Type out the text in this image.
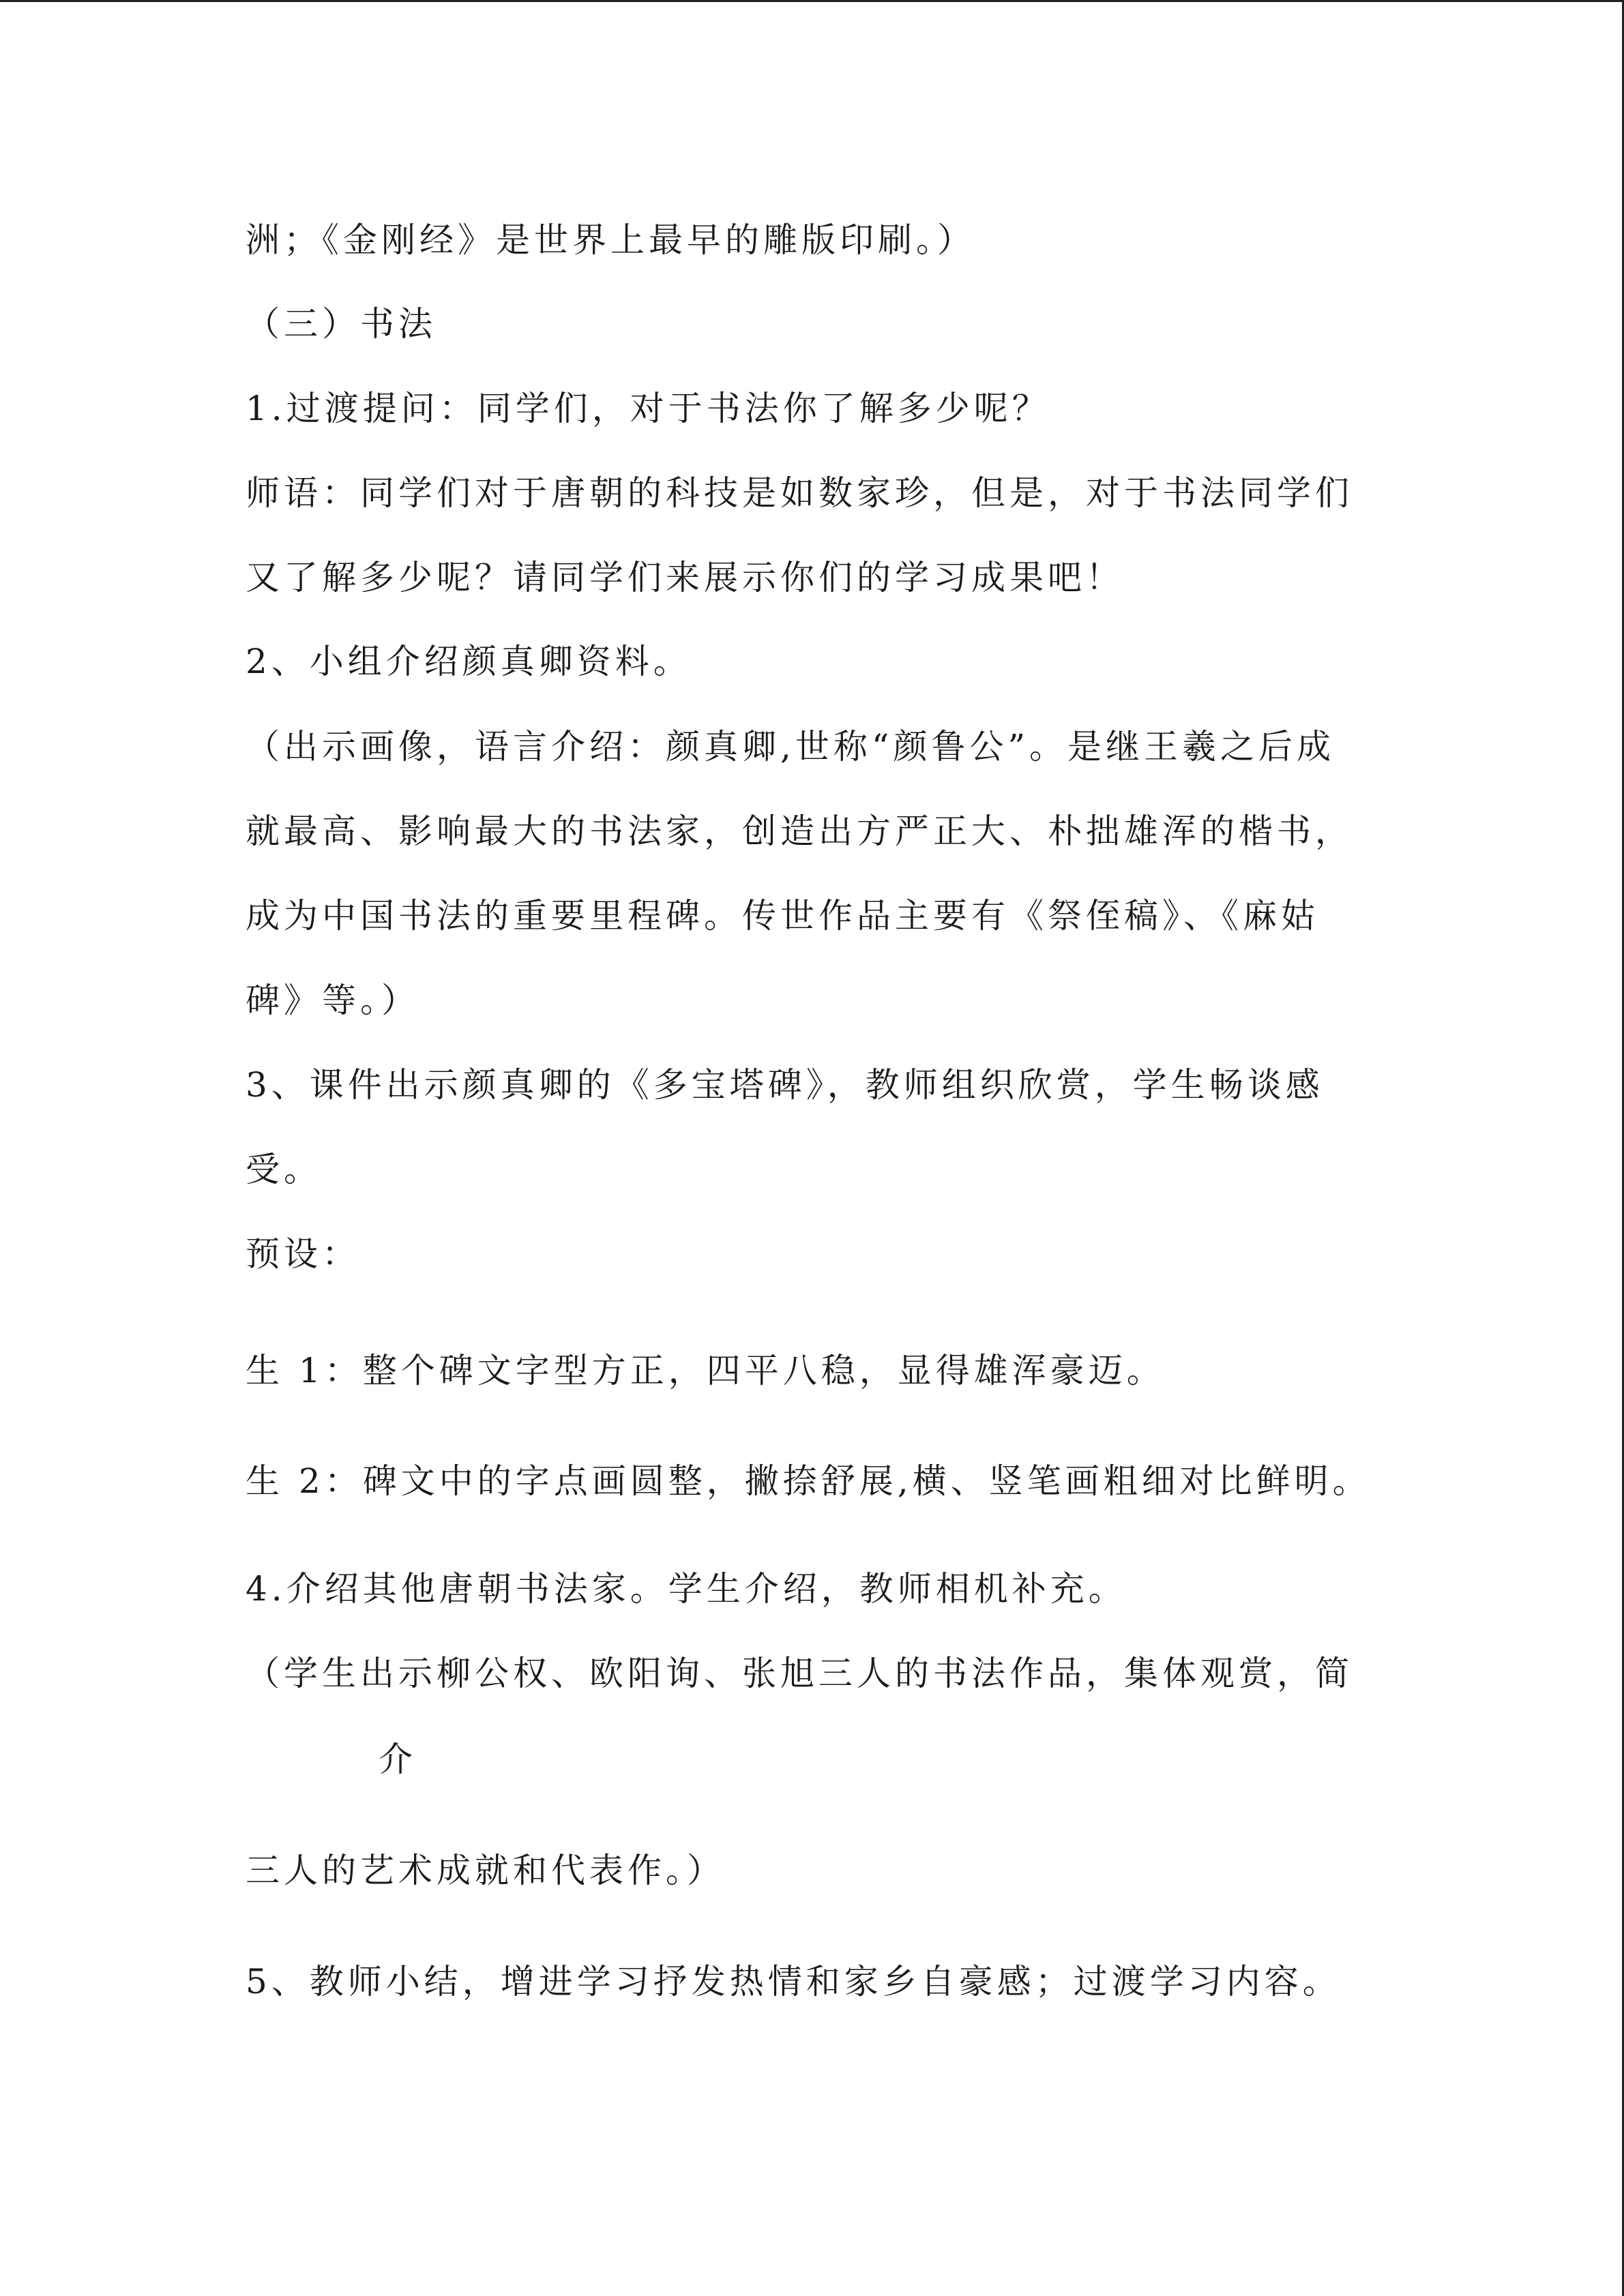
洲；《金刚经》是世界上最早的雕版印刷。）

（三）书法

1.过渡提问：同学们，对于书法你了解多少呢？

师语：同学们对于唐朝的科技是如数家珍，但是，对于书法同学们

又了解多少呢？请同学们来展示你们的学习成果吧！

2、小组介绍颜真卿资料。

（出示画像，语言介绍：颜真卿,世称“颜鲁公”。是继王羲之后成

就最高、影响最大的书法家，创造出方严正大、朴拙雄浑的楷书，

成为中国书法的重要里程碑。传世作品主要有《祭侄稿》、《麻姑

碑》等。）

3、课件出示颜真卿的《多宝塔碑》，教师组织欣赏，学生畅谈感

受。

预设：

生 1：整个碑文字型方正，四平八稳，显得雄浑豪迈。

生 2：碑文中的字点画圆整，撇捺舒展,横、竖笔画粗细对比鲜明。

4.介绍其他唐朝书法家。学生介绍，教师相机补充。

（学生出示柳公权、欧阳询、张旭三人的书法作品，集体观赏，简

介

三人的艺术成就和代表作。）

5、教师小结，增进学习抒发热情和家乡自豪感；过渡学习内容。
